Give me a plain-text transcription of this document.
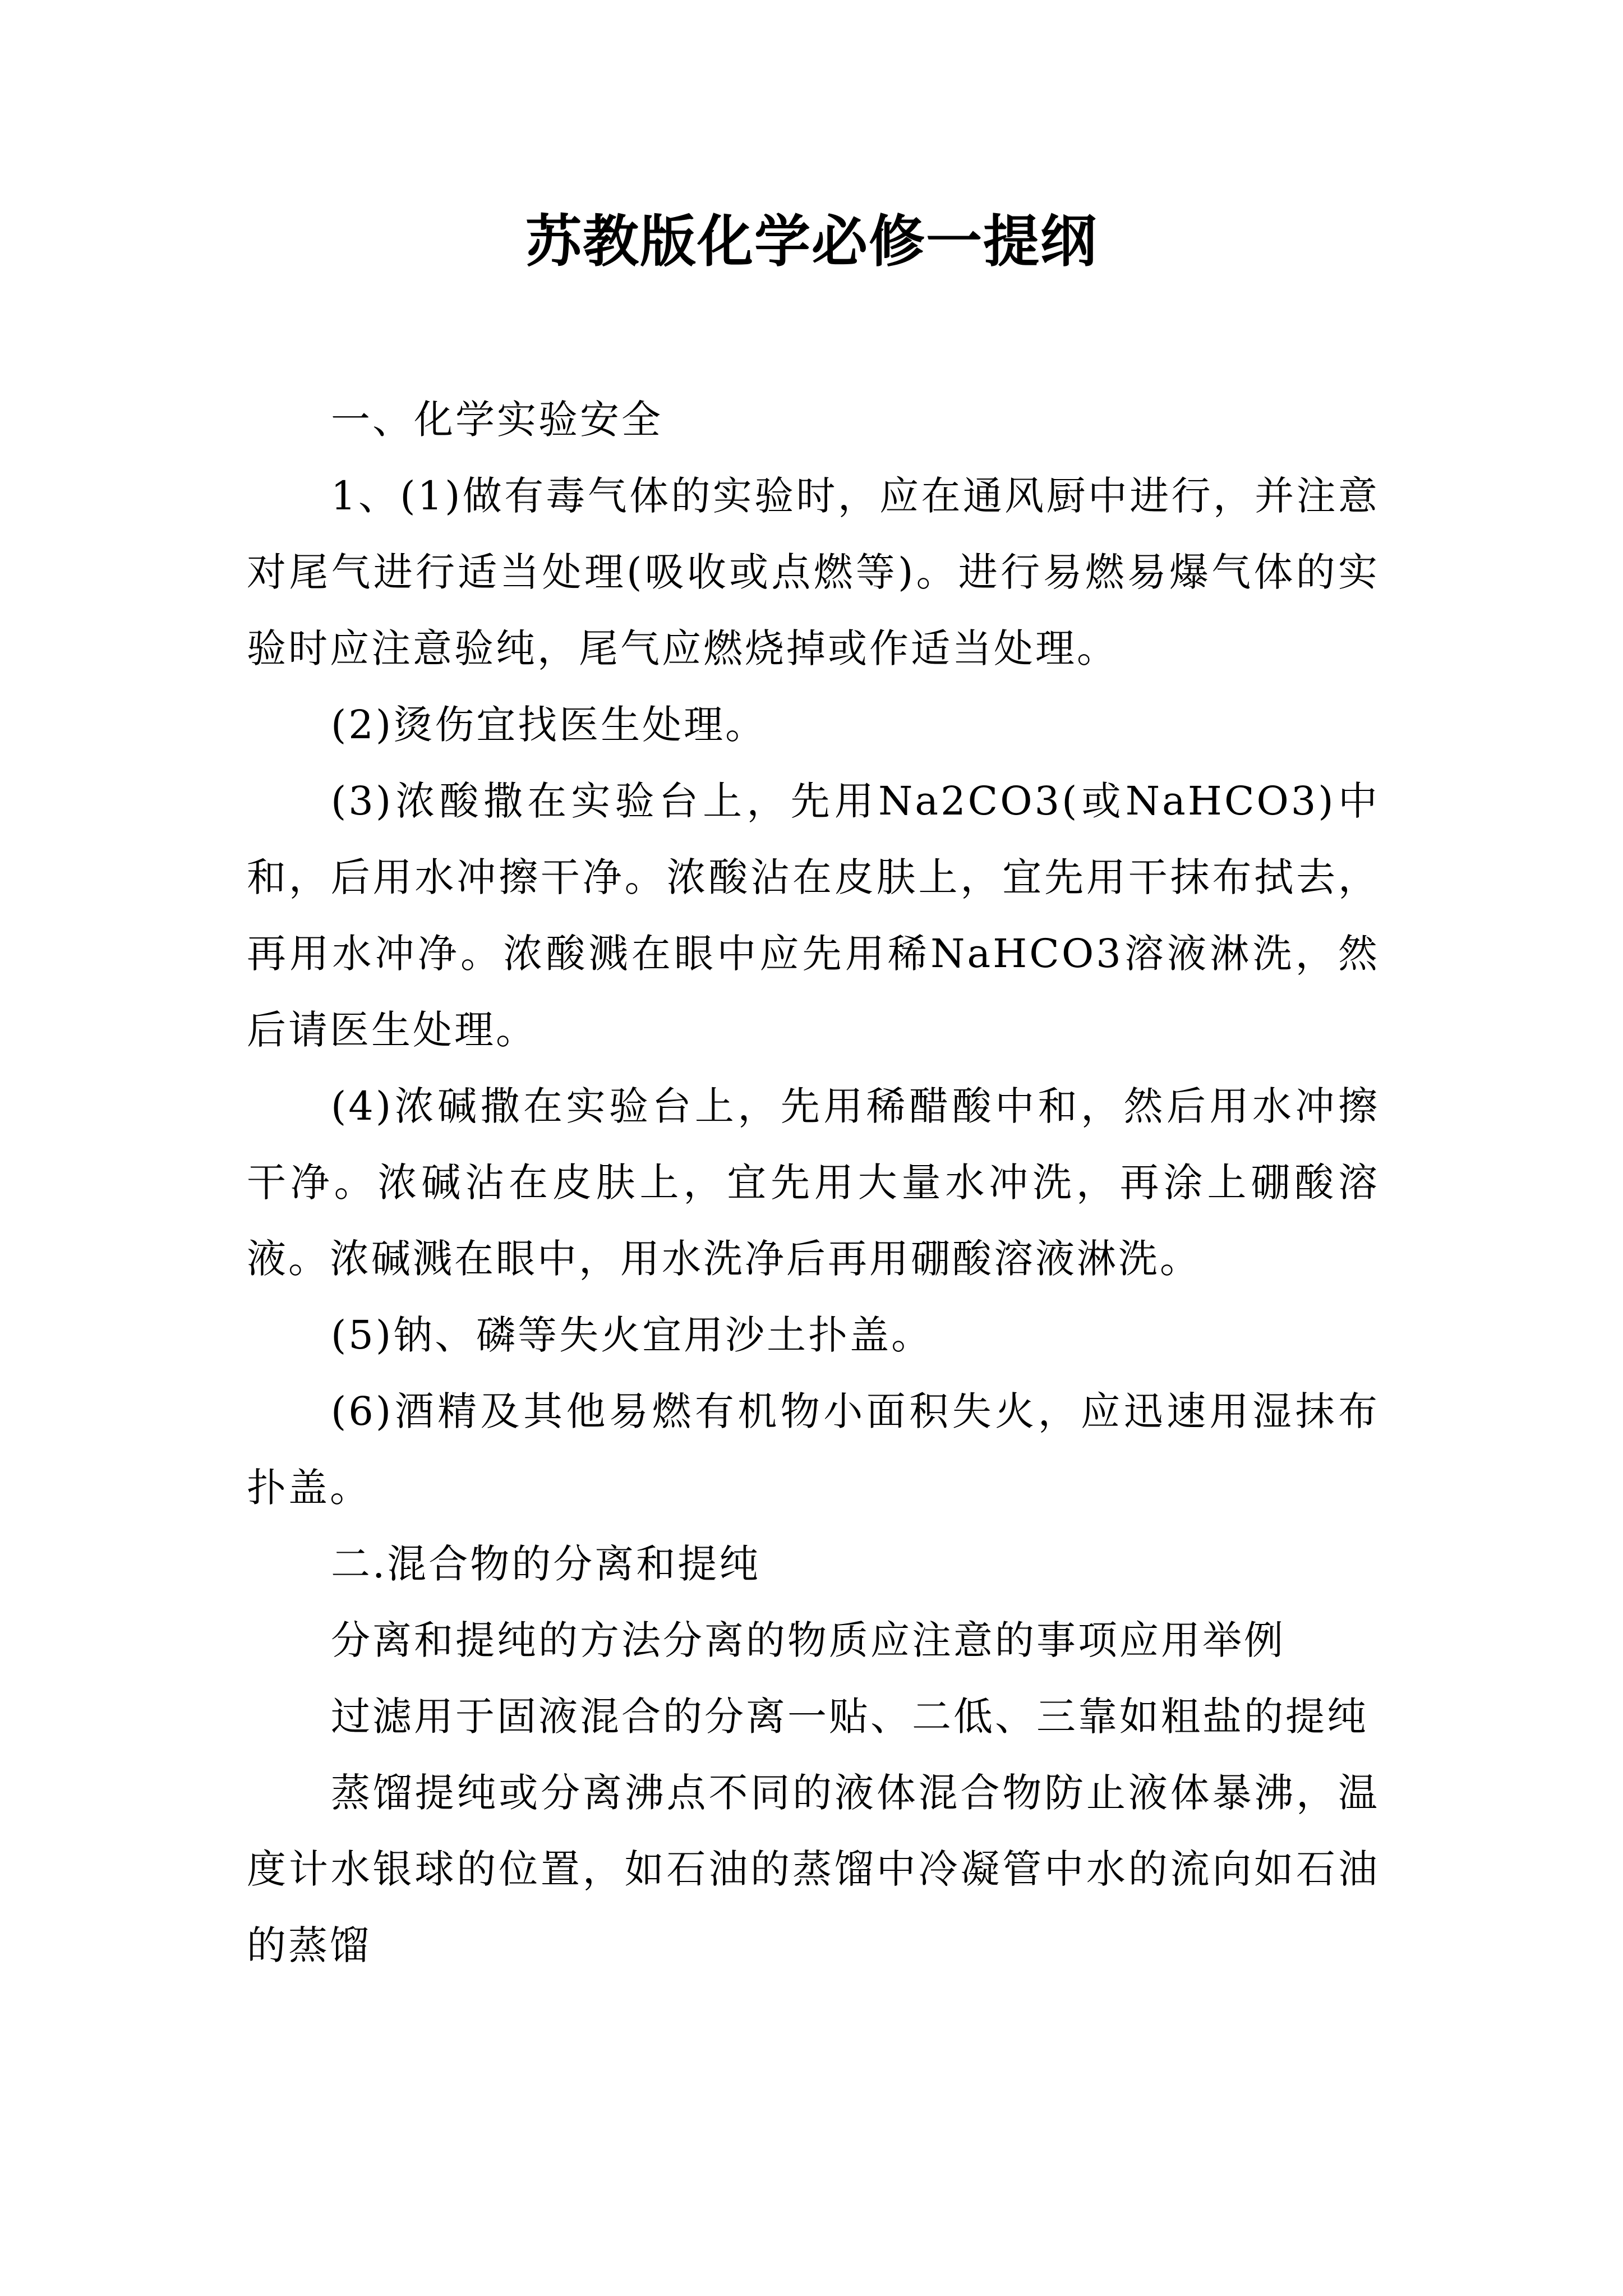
苏教版化学必修一提纲

一、化学实验安全

1、(1)做有毒气体的实验时，应在通风厨中进行，并注意对尾气进行适当处理(吸收或点燃等)。进行易燃易爆气体的实验时应注意验纯，尾气应燃烧掉或作适当处理。

(2)烫伤宜找医生处理。

(3)浓酸撒在实验台上，先用Na2CO3(或NaHCO3)中和，后用水冲擦干净。浓酸沾在皮肤上，宜先用干抹布拭去，再用水冲净。浓酸溅在眼中应先用稀NaHCO3溶液淋洗，然后请医生处理。

(4)浓碱撒在实验台上，先用稀醋酸中和，然后用水冲擦干净。浓碱沾在皮肤上，宜先用大量水冲洗，再涂上硼酸溶液。浓碱溅在眼中，用水洗净后再用硼酸溶液淋洗。

(5)钠、磷等失火宜用沙土扑盖。

(6)酒精及其他易燃有机物小面积失火，应迅速用湿抹布扑盖。

二.混合物的分离和提纯

分离和提纯的方法分离的物质应注意的事项应用举例

过滤用于固液混合的分离一贴、二低、三靠如粗盐的提纯

蒸馏提纯或分离沸点不同的液体混合物防止液体暴沸，温度计水银球的位置，如石油的蒸馏中冷凝管中水的流向如石油的蒸馏
